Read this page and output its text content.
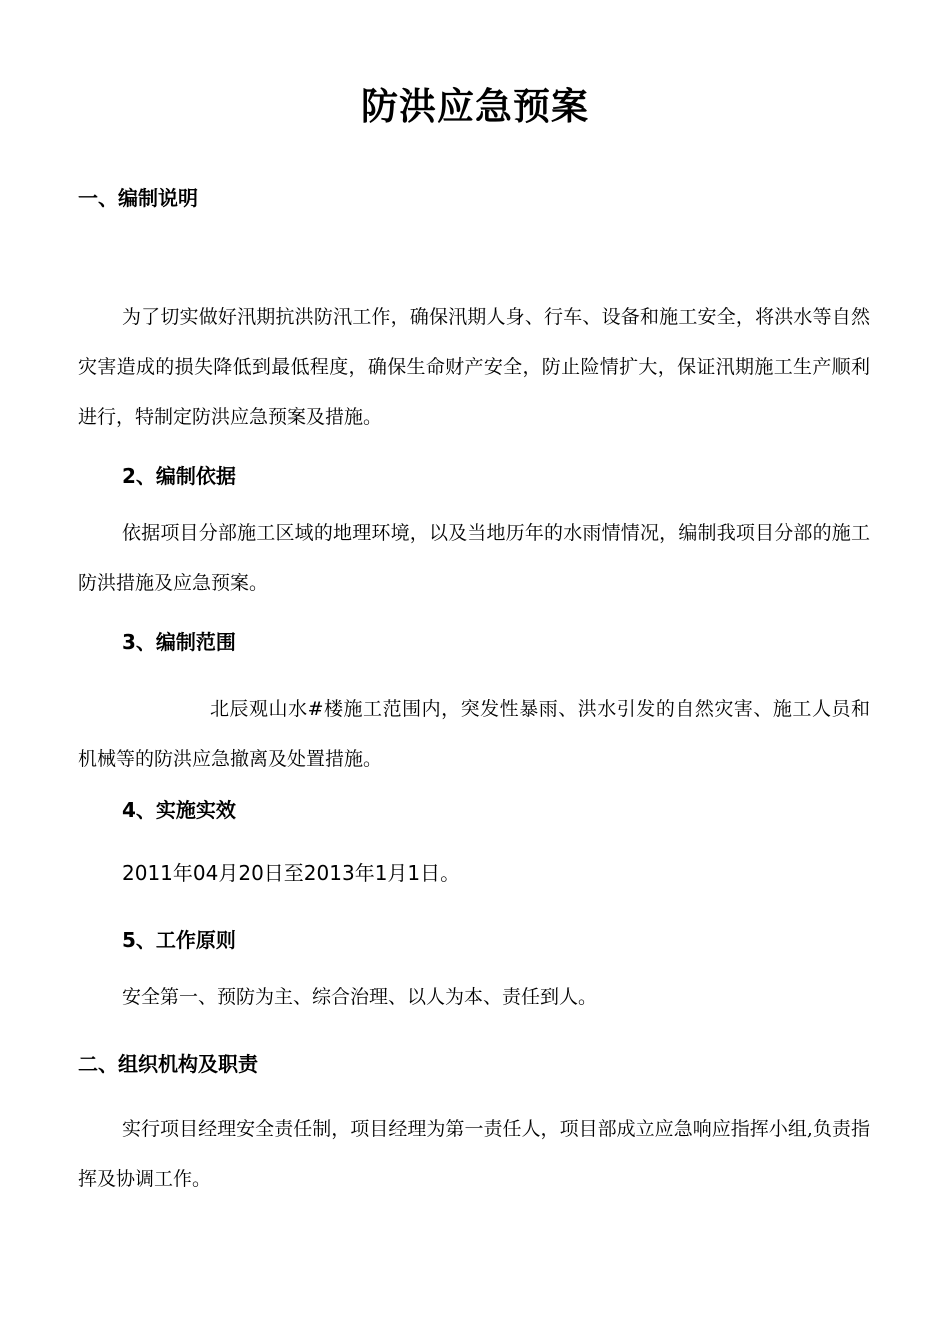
防洪应急预案
一、编制说明
为了切实做好汛期抗洪防汛工作，确保汛期人身、行车、设备和施工安全，将洪水等自然灾害造成的损失降低到最低程度，确保生命财产安全，防止险情扩大，保证汛期施工生产顺利进行，特制定防洪应急预案及措施。
2、编制依据
依据项目分部施工区域的地理环境，以及当地历年的水雨情情况，编制我项目分部的施工防洪措施及应急预案。
3、编制范围
北辰观山水#楼施工范围内，突发性暴雨、洪水引发的自然灾害、施工人员和机械等的防洪应急撤离及处置措施。
4、实施实效
2011年04月20日至2013年1月1日。
5、工作原则
安全第一、预防为主、综合治理、以人为本、责任到人。
二、组织机构及职责
实行项目经理安全责任制，项目经理为第一责任人，项目部成立应急响应指挥小组,负责指挥及协调工作。
